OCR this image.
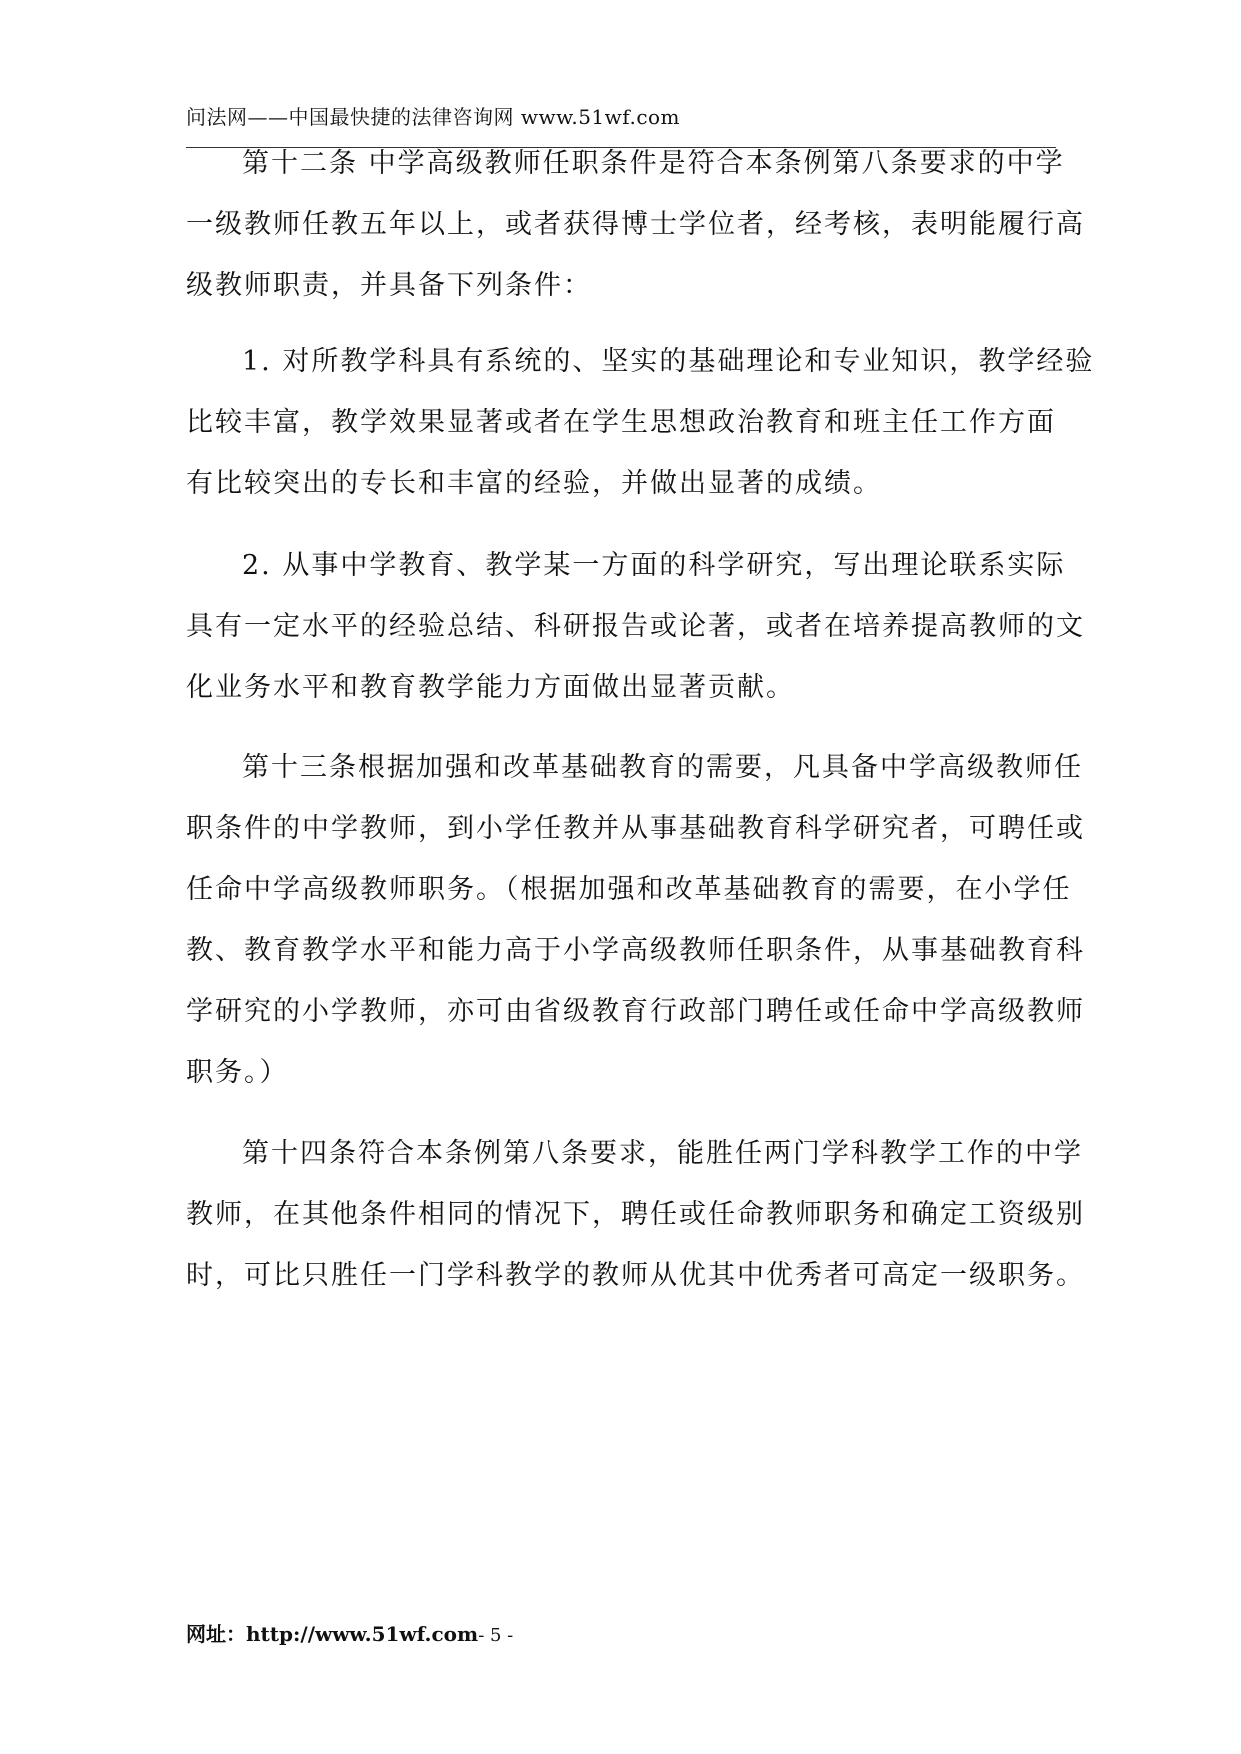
问法网——中国最快捷的法律咨询网 www.51wf.com
第十二条 中学高级教师任职条件是符合本条例第八条要求的中学
一级教师任教五年以上，或者获得博士学位者，经考核，表明能履行高
级教师职责，并具备下列条件：
1. 对所教学科具有系统的、坚实的基础理论和专业知识，教学经验
比较丰富，教学效果显著或者在学生思想政治教育和班主任工作方面
有比较突出的专长和丰富的经验，并做出显著的成绩。
2. 从事中学教育、教学某一方面的科学研究，写出理论联系实际
具有一定水平的经验总结、科研报告或论著，或者在培养提高教师的文
化业务水平和教育教学能力方面做出显著贡献。
第十三条根据加强和改革基础教育的需要，凡具备中学高级教师任
职条件的中学教师，到小学任教并从事基础教育科学研究者，可聘任或
任命中学高级教师职务。（根据加强和改革基础教育的需要，在小学任
教、教育教学水平和能力高于小学高级教师任职条件，从事基础教育科
学研究的小学教师，亦可由省级教育行政部门聘任或任命中学高级教师
职务。）
第十四条符合本条例第八条要求，能胜任两门学科教学工作的中学
教师，在其他条件相同的情况下，聘任或任命教师职务和确定工资级别
时，可比只胜任一门学科教学的教师从优其中优秀者可高定一级职务。
网址：http://www.51wf.com- 5 -
